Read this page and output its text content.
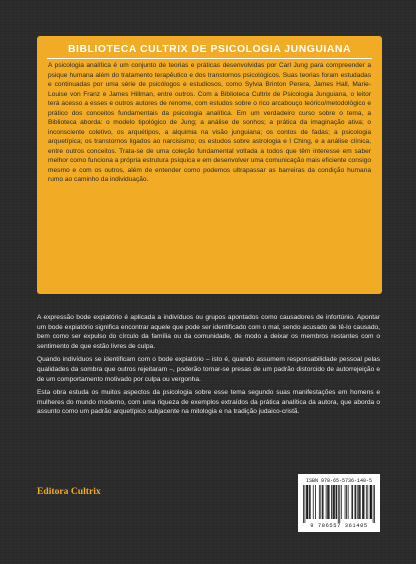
BIBLIOTECA CULTRIX DE PSICOLOGIA JUNGUIANA

A psicologia analítica é um conjunto de teorias e práticas desenvolvidas por Carl Jung para compreender a psique humana além do tratamento terapêutico e dos transtornos psicológicos. Suas teorias foram estudadas e continuadas por uma série de psicólogos e estudiosos, como Sylvia Brinton Perera, James Hall, Marie-Louise von Franz e James Hillman, entre outros. Com a Biblioteca Cultrix de Psicologia Junguiana, o leitor terá acesso a esses e outros autores de renome, com estudos sobre o rico arcabouço teórico/metodológico e prático dos conceitos fundamentais da psicologia analítica. Em um verdadeiro curso sobre o tema, a Biblioteca aborda: o modelo tipológico de Jung; a análise de sonhos; a prática da imaginação ativa; o inconsciente coletivo, os arquétipos, a alquimia na visão junguiana; os contos de fadas; a psicologia arquetípica; os transtornos ligados ao narcisismo; os estudos sobre astrologia e I Ching, e a análise clínica, entre outros conceitos. Trata-se de uma coleção fundamental voltada a todos que têm interesse em saber melhor como funciona a própria estrutura psíquica e em desenvolver uma comunicação mais eficiente consigo mesmo e com os outros, além de entender como podemos ultrapassar as barreiras da condição humana rumo ao caminho da individuação.

A expressão bode expiatório é aplicada a indivíduos ou grupos apontados como causadores de infortúnio. Apontar um bode expiatório significa encontrar aquele que pode ser identificado com o mal, sendo acusado de tê-lo causado, bem como ser expulso do círculo da família ou da comunidade, de modo a deixar os membros restantes com o sentimento de que estão livres de culpa.

Quando indivíduos se identificam com o bode expiatório – isto é, quando assumem responsabilidade pessoal pelas qualidades da sombra que outros rejeitaram –, poderão tornar-se presas de um padrão distorcido de autorrejeição e de um comportamento motivado por culpa ou vergonha.

Esta obra estuda os muitos aspectos da psicologia sobre esse tema segundo suas manifestações em homens e mulheres do mundo moderno, com uma riqueza de exemplos extraídos da prática analítica da autora, que aborda o assunto como um padrão arquetípico subjacente na mitologia e na tradição judaico-cristã.

Editora Cultrix

ISBN 978-65-5736-140-5
9 786557 361405
